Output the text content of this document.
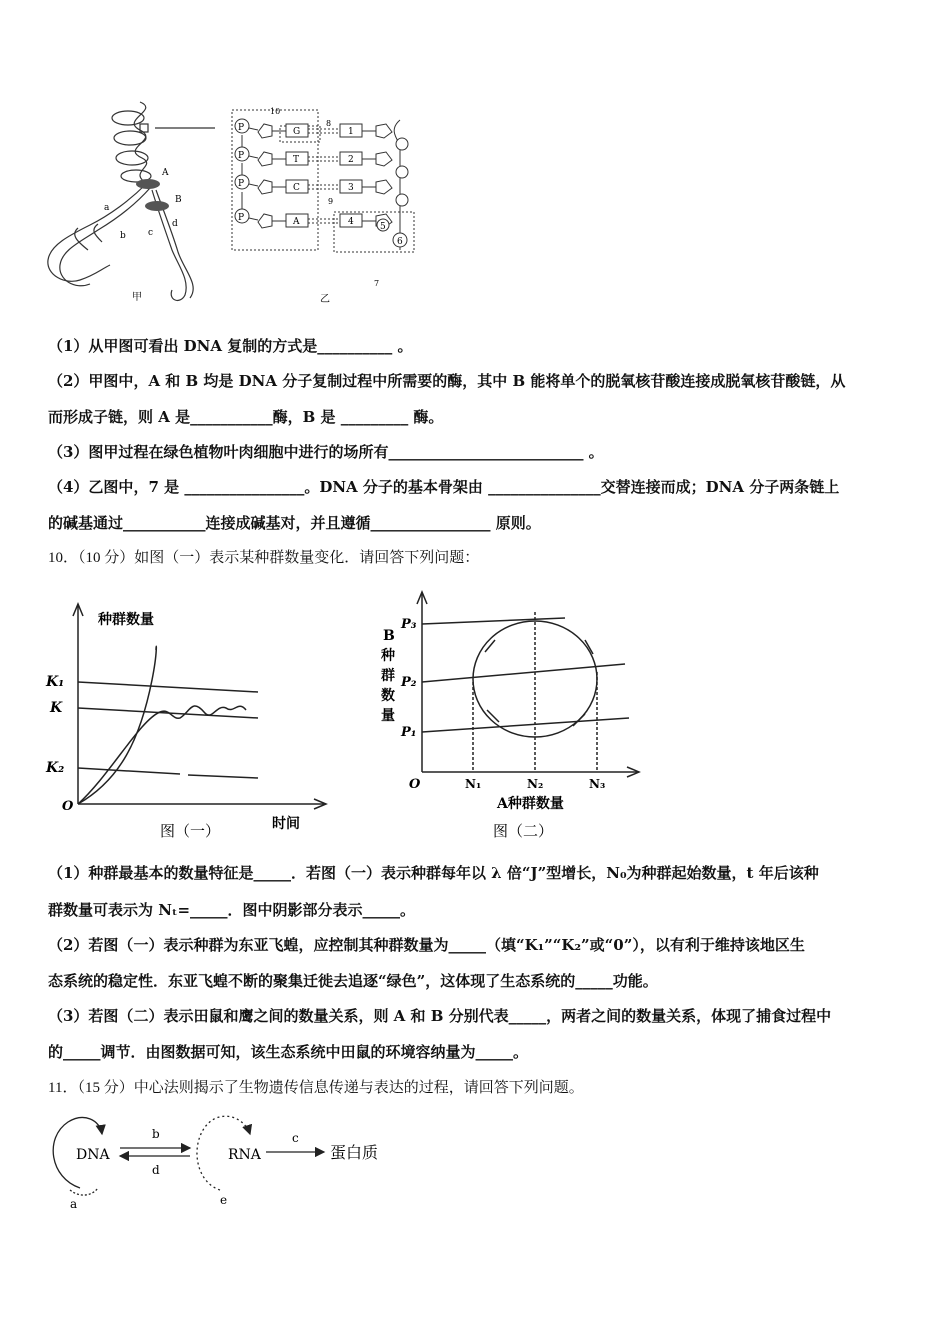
A
B
a
b c
d
甲
P	G	1
P	T	2
P	C	3
P	A	4
10
8
9
7
5
6
乙
（1）从甲图可看出 DNA 复制的方式是__________ 。
（2）甲图中，A 和 B 均是 DNA 分子复制过程中所需要的酶，其中 B 能将单个的脱氧核苷酸连接成脱氧核苷酸链，从
而形成子链，则 A 是___________酶，B 是 _________ 酶。
（3）图甲过程在绿色植物叶肉细胞中进行的场所有__________________________ 。
（4）乙图中，7 是 ________________。DNA 分子的基本骨架由 _______________交替连接而成；DNA 分子两条链上
的碱基通过___________连接成碱基对，并且遵循________________ 原则。
10．（10 分）如图（一）表示某种群数量变化．请回答下列问题：
种群数量
K₁
K
K₂
O
时间
图（一）
B
种
群
数
量
P₃
P₂
P₁
O	N₁	N₂	N₃
A种群数量
图（二）
（1）种群最基本的数量特征是_____．若图（一）表示种群每年以 λ 倍“J”型增长，N₀为种群起始数量，t 年后该种
群数量可表示为 Nₜ=_____．图中阴影部分表示_____。
（2）若图（一）表示种群为东亚飞蝗，应控制其种群数量为_____（填“K₁”“K₂”或“0”），以有利于维持该地区生
态系统的稳定性．东亚飞蝗不断的聚集迁徙去追逐“绿色”，这体现了生态系统的_____功能。
（3）若图（二）表示田鼠和鹰之间的数量关系，则 A 和 B 分别代表_____，两者之间的数量关系，体现了捕食过程中
的_____调节．由图数据可知，该生态系统中田鼠的环境容纳量为_____。
11．（15 分）中心法则揭示了生物遗传信息传递与表达的过程，请回答下列问题。
DNA	RNA	蛋白质
b
d
c
a	e
